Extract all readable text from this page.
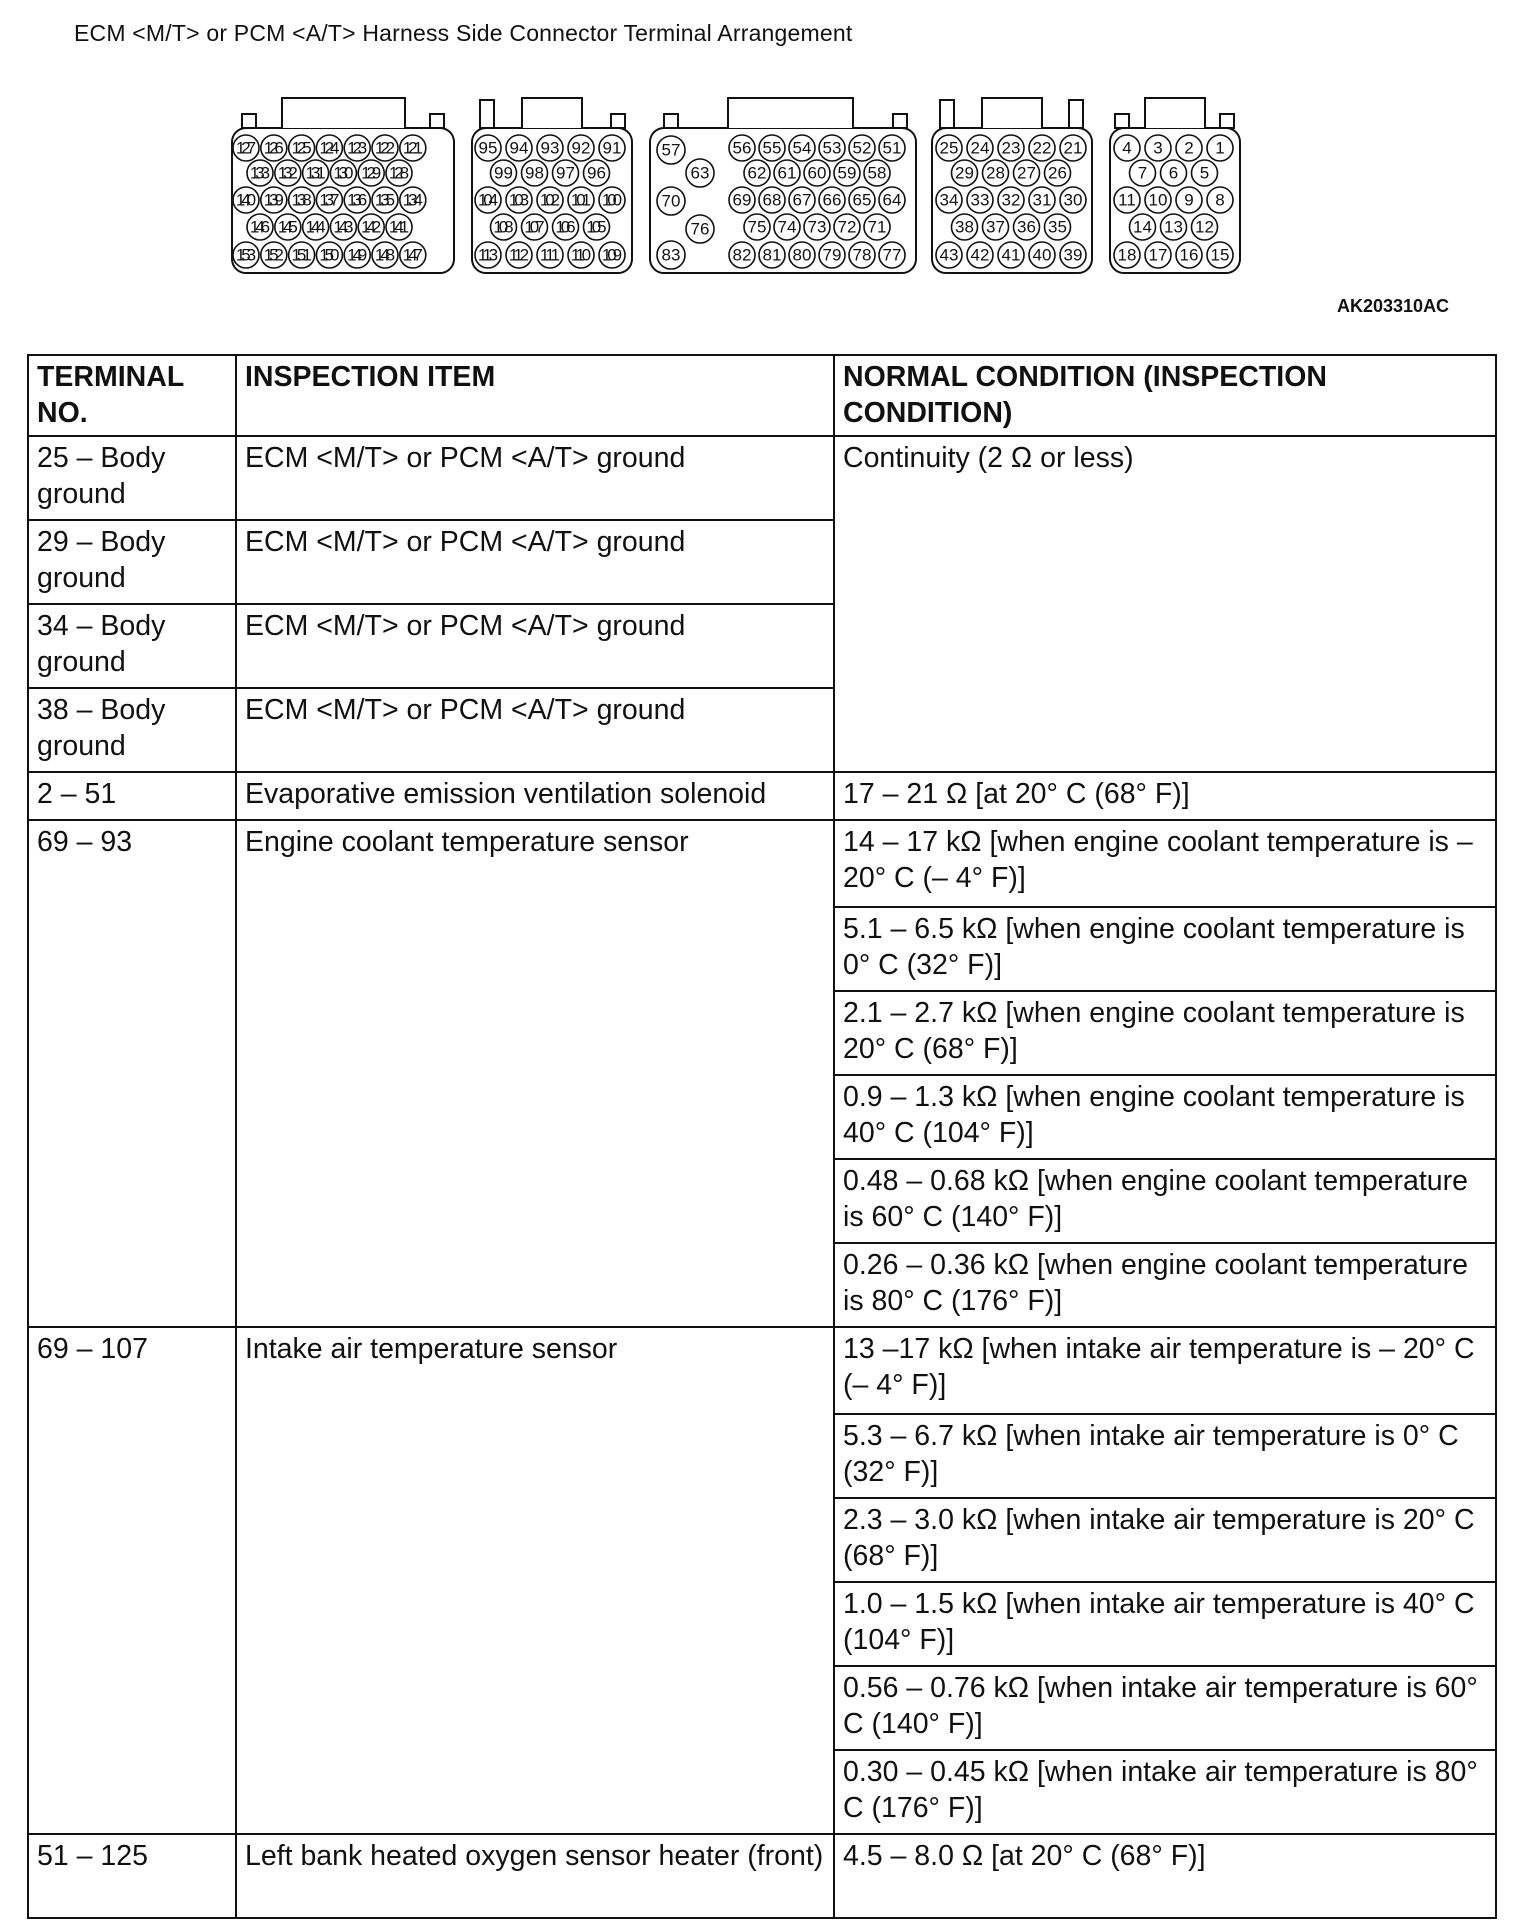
ECM <M/T> or PCM <A/T> Harness Side Connector Terminal Arrangement
127 126 125 124 123 122 121
133 132 131 130 129 128
140 139 138 137 136 135 134
146 145 144 143 142 141
153 152 151 150 149 148 147
95 94 93 92 91
99 98 97 96
104 103 102 101 100
108 107 106 105
113 112 111 110 109
57	56 55 54 53 52 51
63 62 61 60 59 58
70	69 68 67 66 65 64
76 75 74 73 72 71
83	82 81 80 79 78 77
25 24 23 22 21
29 28 27 26
34 33 32 31 30
38 37 36 35
43 42 41 40 39
4 3 2 1
7 6 5
11 10 9 8
14 13 12
18 17 16 15
AK203310AC
TERMINAL NO.	INSPECTION ITEM	NORMAL CONDITION (INSPECTION CONDITION)
25 – Body ground	ECM <M/T> or PCM <A/T> ground	Continuity (2 Ω or less)
29 – Body ground	ECM <M/T> or PCM <A/T> ground	
34 – Body ground	ECM <M/T> or PCM <A/T> ground	
38 – Body ground	ECM <M/T> or PCM <A/T> ground	
2 – 51	Evaporative emission ventilation solenoid	17 – 21 Ω [at 20° C (68° F)]
69 – 93	Engine coolant temperature sensor	14 – 17 kΩ [when engine coolant temperature is – 20° C (– 4° F)]
		5.1 – 6.5 kΩ [when engine coolant temperature is 0° C (32° F)]
		2.1 – 2.7 kΩ [when engine coolant temperature is 20° C (68° F)]
		0.9 – 1.3 kΩ [when engine coolant temperature is 40° C (104° F)]
		0.48 – 0.68 kΩ [when engine coolant temperature is 60° C (140° F)]
		0.26 – 0.36 kΩ [when engine coolant temperature is 80° C (176° F)]
69 – 107	Intake air temperature sensor	13 –17 kΩ [when intake air temperature is – 20° C (– 4° F)]
		5.3 – 6.7 kΩ [when intake air temperature is 0° C (32° F)]
		2.3 – 3.0 kΩ [when intake air temperature is 20° C (68° F)]
		1.0 – 1.5 kΩ [when intake air temperature is 40° C (104° F)]
		0.56 – 0.76 kΩ [when intake air temperature is 60° C (140° F)]
		0.30 – 0.45 kΩ [when intake air temperature is 80° C (176° F)]
51 – 125	Left bank heated oxygen sensor heater (front)	4.5 – 8.0 Ω [at 20° C (68° F)]
